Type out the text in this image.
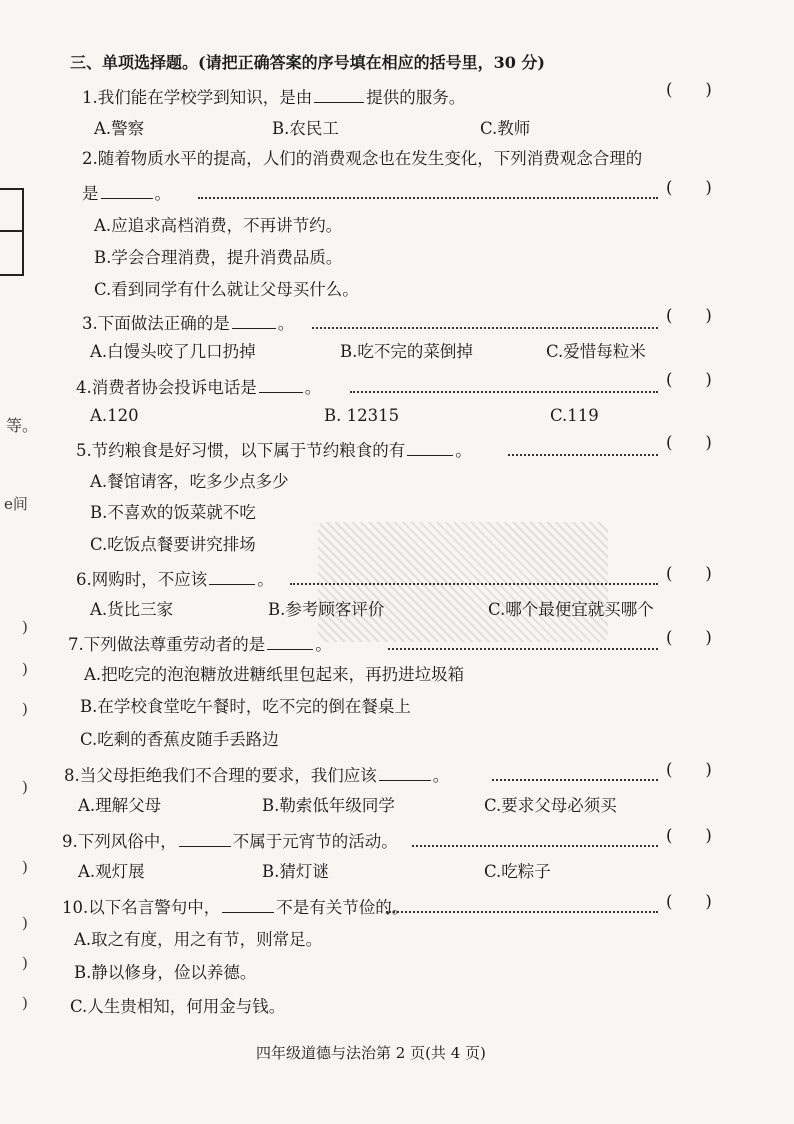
等。
e间
)
)
)
)
)
)
)
)
三、单项选择题。(请把正确答案的序号填在相应的括号里，30 分)
1.我们能在学校学到知识，是由	提供的服务。	(　　)
A.警察	B.农民工	C.教师
2.随着物质水平的提高，人们的消费观念也在发生变化，下列消费观念合理的
是	。	(　　)
A.应追求高档消费，不再讲节约。
B.学会合理消费，提升消费品质。
C.看到同学有什么就让父母买什么。
3.下面做法正确的是	。	(　　)
A.白馒头咬了几口扔掉	B.吃不完的菜倒掉	C.爱惜每粒米
4.消费者协会投诉电话是	。	(　　)
A.120	B. 12315	C.119
5.节约粮食是好习惯，以下属于节约粮食的有	。	(　　)
A.餐馆请客，吃多少点多少
B.不喜欢的饭菜就不吃
C.吃饭点餐要讲究排场
6.网购时，不应该	。	(　　)
A.货比三家	B.参考顾客评价	C.哪个最便宜就买哪个
7.下列做法尊重劳动者的是	。	(　　)
A.把吃完的泡泡糖放进糖纸里包起来，再扔进垃圾箱
B.在学校食堂吃午餐时，吃不完的倒在餐桌上
C.吃剩的香蕉皮随手丢路边
8.当父母拒绝我们不合理的要求，我们应该	。	(　　)
A.理解父母	B.勒索低年级同学	C.要求父母必须买
9.下列风俗中，	不属于元宵节的活动。	(　　)
A.观灯展	B.猜灯谜	C.吃粽子
10.以下名言警句中，	不是有关节俭的。	(　　)
A.取之有度，用之有节，则常足。
B.静以修身，俭以养德。
C.人生贵相知，何用金与钱。
四年级道德与法治第 2 页(共 4 页)
